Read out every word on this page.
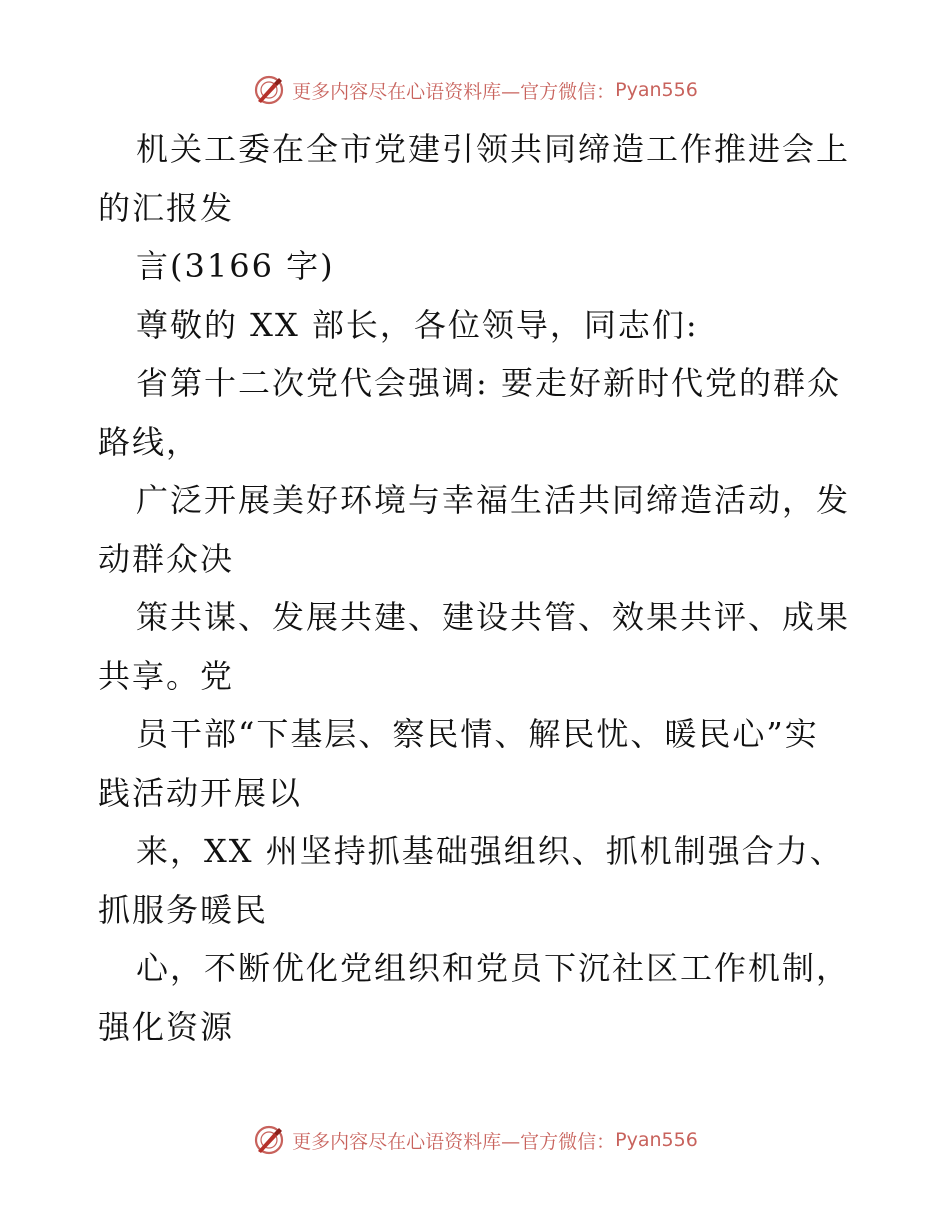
更多内容尽在心语资料库—官方微信： Pyan556
机关工委在全市党建引领共同缔造工作推进会上
的汇报发
言(3166 字)
尊敬的 XX 部长，各位领导，同志们:
省第十二次党代会强调: 要走好新时代党的群众
路线，
广泛开展美好环境与幸福生活共同缔造活动，发
动群众决
策共谋、发展共建、建设共管、效果共评、成果
共享。党
员干部“下基层、察民情、解民忧、暖民心”实
践活动开展以
来，XX 州坚持抓基础强组织、抓机制强合力、
抓服务暖民
心，不断优化党组织和党员下沉社区工作机制，
强化资源
更多内容尽在心语资料库—官方微信： Pyan556
